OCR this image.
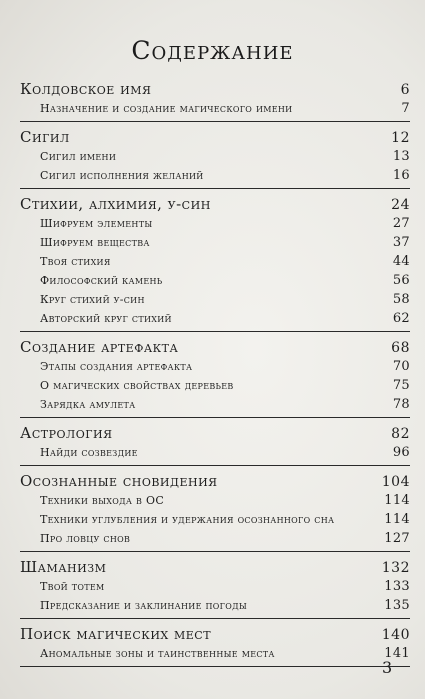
Содержание
Колдовское имя	6
Назначение и создание магического имени	7
Сигил	12
Сигил имени	13
Сигил исполнения желаний	16
Стихии, алхимия, у-син	24
Шифруем элементы	27
Шифруем вещества	37
Твоя стихия	44
Философский камень	56
Круг стихий у-син	58
Авторский круг стихий	62
Создание артефакта	68
Этапы создания артефакта	70
О магических свойствах деревьев	75
Зарядка амулета	78
Астрология	82
Найди созвездие	96
Осознанные сновидения	104
Техники выхода в ОС	114
Техники углубления и удержания осознанного сна	114
Про ловцу снов	127
Шаманизм	132
Твой тотем	133
Предсказание и заклинание погоды	135
Поиск магических мест	140
Аномальные зоны и таинственные места	141
3
